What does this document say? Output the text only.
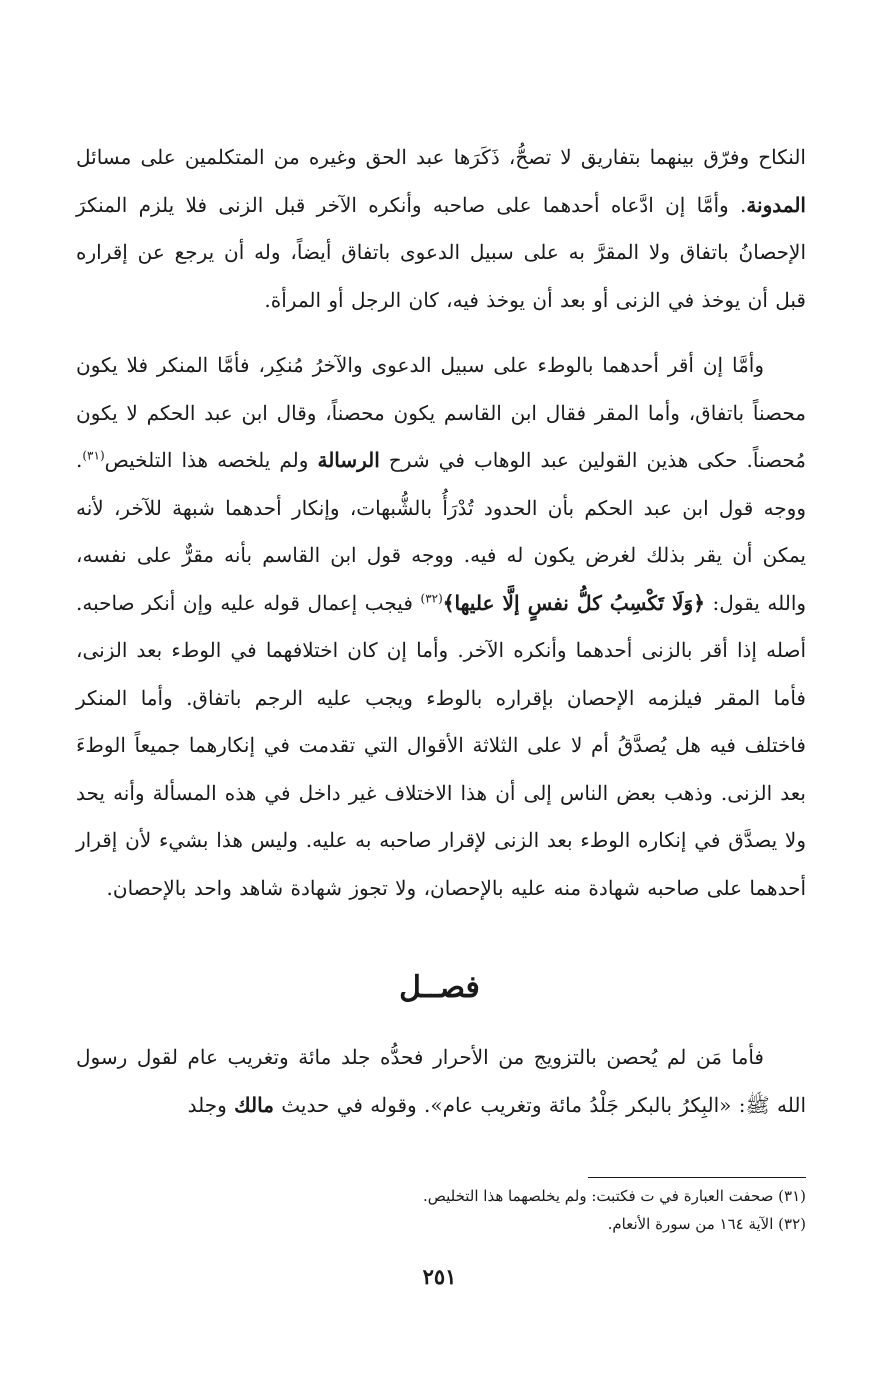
النكاح وفرّق بينهما بتفاريق لا تصحُّ، ذَكَرَها عبد الحق وغيره من المتكلمين على مسائل المدونة. وأمَّا إن ادَّعاه أحدهما على صاحبه وأنكره الآخر قبل الزنى فلا يلزم المنكرَ الإحصانُ باتفاق ولا المقرَّ به على سبيل الدعوى باتفاق أيضاً، وله أن يرجع عن إقراره قبل أن يوخذ في الزنى أو بعد أن يوخذ فيه، كان الرجل أو المرأة.

وأمَّا إن أقر أحدهما بالوطء على سبيل الدعوى والآخرُ مُنكِر، فأمَّا المنكر فلا يكون محصناً باتفاق، وأما المقر فقال ابن القاسم يكون محصناً، وقال ابن عبد الحكم لا يكون مُحصناً. حكى هذين القولين عبد الوهاب في شرح الرسالة ولم يلخصه هذا التلخيص$^{(٣١)}$. ووجه قول ابن عبد الحكم بأن الحدود تُدْرَأُ بالشُّبهات، وإنكار أحدهما شبهة للآخر، لأنه يمكن أن يقر بذلك لغرض يكون له فيه. ووجه قول ابن القاسم بأنه مقرٌّ على نفسه، والله يقول: ﴿وَلَا تَكْسِبُ كلُّ نفسٍ إلَّا عليها﴾$^{(٣٢)}$ فيجب إعمال قوله عليه وإن أنكر صاحبه. أصله إذا أقر بالزنى أحدهما وأنكره الآخر. وأما إن كان اختلافهما في الوطء بعد الزنى، فأما المقر فيلزمه الإحصان بإقراره بالوطء ويجب عليه الرجم باتفاق. وأما المنكر فاختلف فيه هل يُصدَّقُ أم لا على الثلاثة الأقوال التي تقدمت في إنكارهما جميعاً الوطءَ بعد الزنى. وذهب بعض الناس إلى أن هذا الاختلاف غير داخل في هذه المسألة وأنه يحد ولا يصدَّق في إنكاره الوطء بعد الزنى لإقرار صاحبه به عليه. وليس هذا بشيء لأن إقرار أحدهما على صاحبه شهادة منه عليه بالإحصان، ولا تجوز شهادة شاهد واحد بالإحصان.

فصــل

فأما مَن لم يُحصن بالتزويج من الأحرار فحدُّه جلد مائة وتغريب عام لقول رسول الله ﷺ: «البِكرُ بالبكر جَلْدُ مائة وتغريب عام». وقوله في حديث مالك وجلد

(٣١) صحفت العبارة في ت فكتبت: ولم يخلصهما هذا التخليص.

(٣٢) الآية ١٦٤ من سورة الأنعام.

٢٥١
